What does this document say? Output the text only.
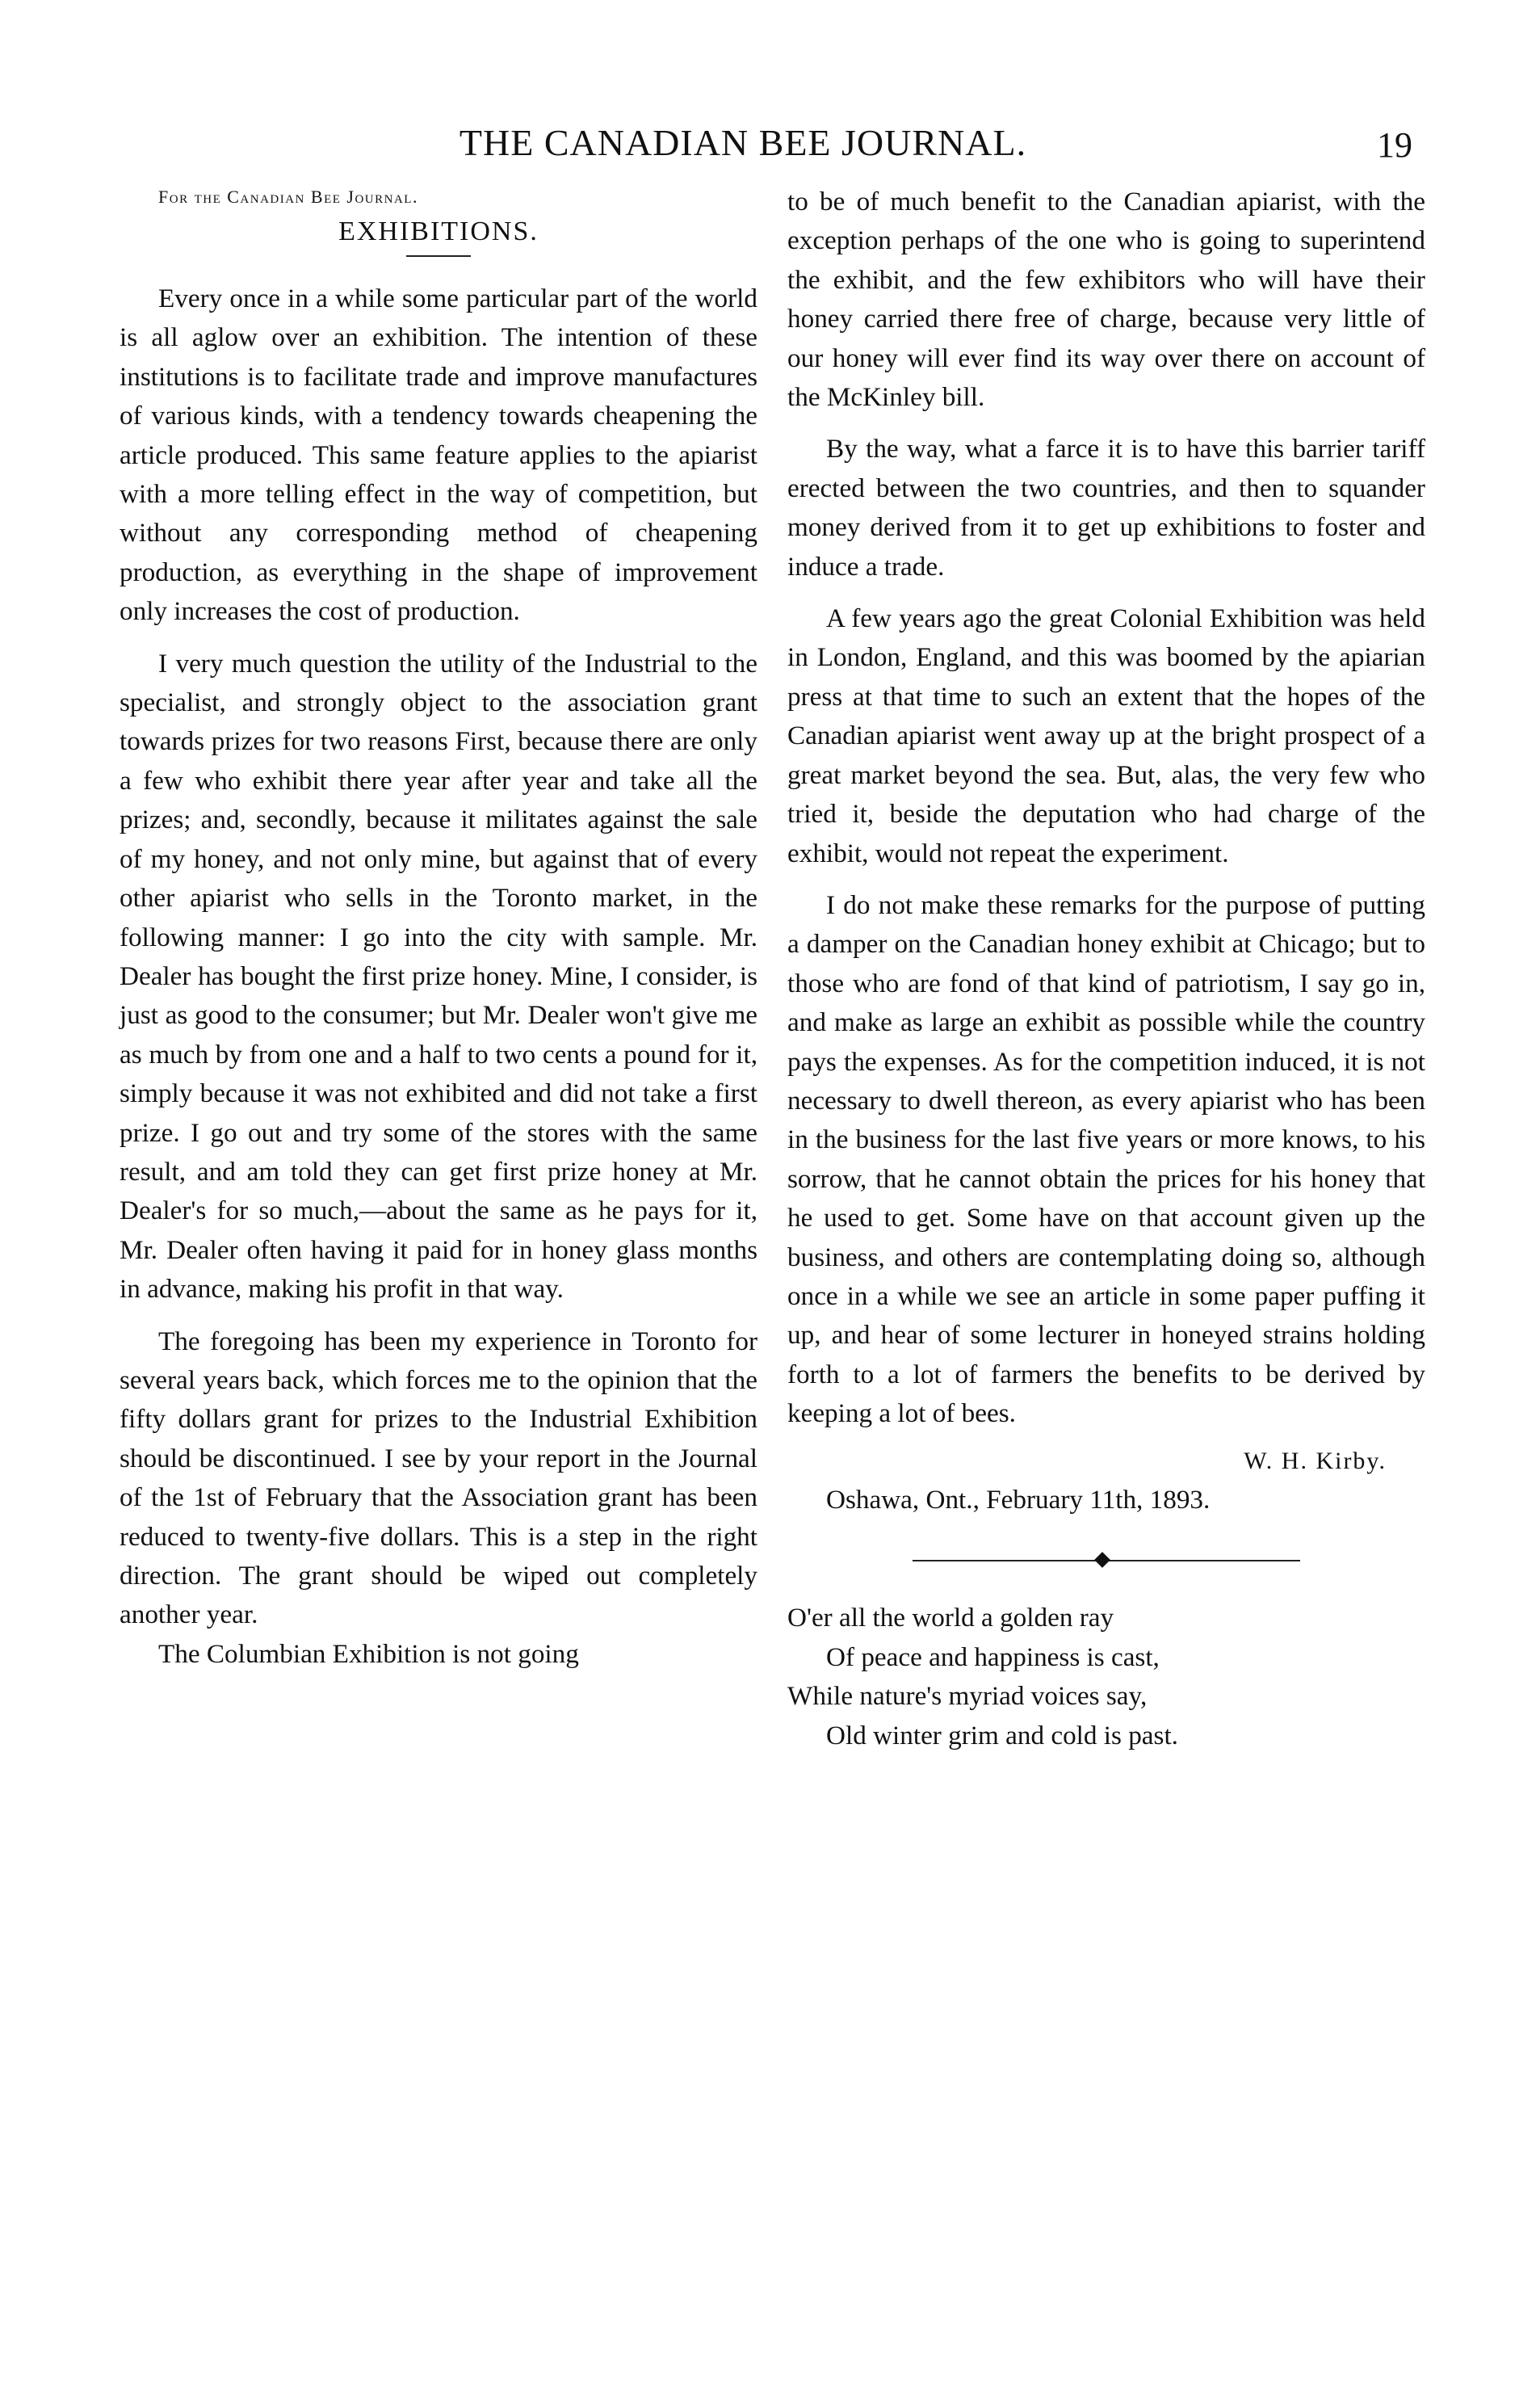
THE CANADIAN BEE JOURNAL.	19

For the Canadian Bee Journal.

EXHIBITIONS.

Every once in a while some particular part of the world is all aglow over an exhibition. The intention of these institutions is to facilitate trade and improve manufactures of various kinds, with a tendency towards cheapening the article produced. This same feature applies to the apiarist with a more telling effect in the way of competition, but without any corresponding method of cheapening production, as everything in the shape of improvement only increases the cost of production.

I very much question the utility of the Industrial to the specialist, and strongly object to the association grant towards prizes for two reasons First, because there are only a few who exhibit there year after year and take all the prizes; and, secondly, because it militates against the sale of my honey, and not only mine, but against that of every other apiarist who sells in the Toronto market, in the following manner: I go into the city with sample. Mr. Dealer has bought the first prize honey. Mine, I consider, is just as good to the consumer; but Mr. Dealer won't give me as much by from one and a half to two cents a pound for it, simply because it was not exhibited and did not take a first prize. I go out and try some of the stores with the same result, and am told they can get first prize honey at Mr. Dealer's for so much,—about the same as he pays for it, Mr. Dealer often having it paid for in honey glass months in advance, making his profit in that way.

The foregoing has been my experience in Toronto for several years back, which forces me to the opinion that the fifty dollars grant for prizes to the Industrial Exhibition should be discontinued. I see by your report in the Journal of the 1st of February that the Association grant has been reduced to twenty-five dollars. This is a step in the right direction. The grant should be wiped out completely another year.

The Columbian Exhibition is not going

to be of much benefit to the Canadian apiarist, with the exception perhaps of the one who is going to superintend the exhibit, and the few exhibitors who will have their honey carried there free of charge, because very little of our honey will ever find its way over there on account of the McKinley bill.

By the way, what a farce it is to have this barrier tariff erected between the two countries, and then to squander money derived from it to get up exhibitions to foster and induce a trade.

A few years ago the great Colonial Exhibition was held in London, England, and this was boomed by the apiarian press at that time to such an extent that the hopes of the Canadian apiarist went away up at the bright prospect of a great market beyond the sea. But, alas, the very few who tried it, beside the deputation who had charge of the exhibit, would not repeat the experiment.

I do not make these remarks for the purpose of putting a damper on the Canadian honey exhibit at Chicago; but to those who are fond of that kind of patriotism, I say go in, and make as large an exhibit as possible while the country pays the expenses. As for the competition induced, it is not necessary to dwell thereon, as every apiarist who has been in the business for the last five years or more knows, to his sorrow, that he cannot obtain the prices for his honey that he used to get. Some have on that account given up the business, and others are contemplating doing so, although once in a while we see an article in some paper puffing it up, and hear of some lecturer in honeyed strains holding forth to a lot of farmers the benefits to be derived by keeping a lot of bees.

W. H. Kirby.

Oshawa, Ont., February 11th, 1893.

O'er all the world a golden ray
Of peace and happiness is cast,
While nature's myriad voices say,
Old winter grim and cold is past.
